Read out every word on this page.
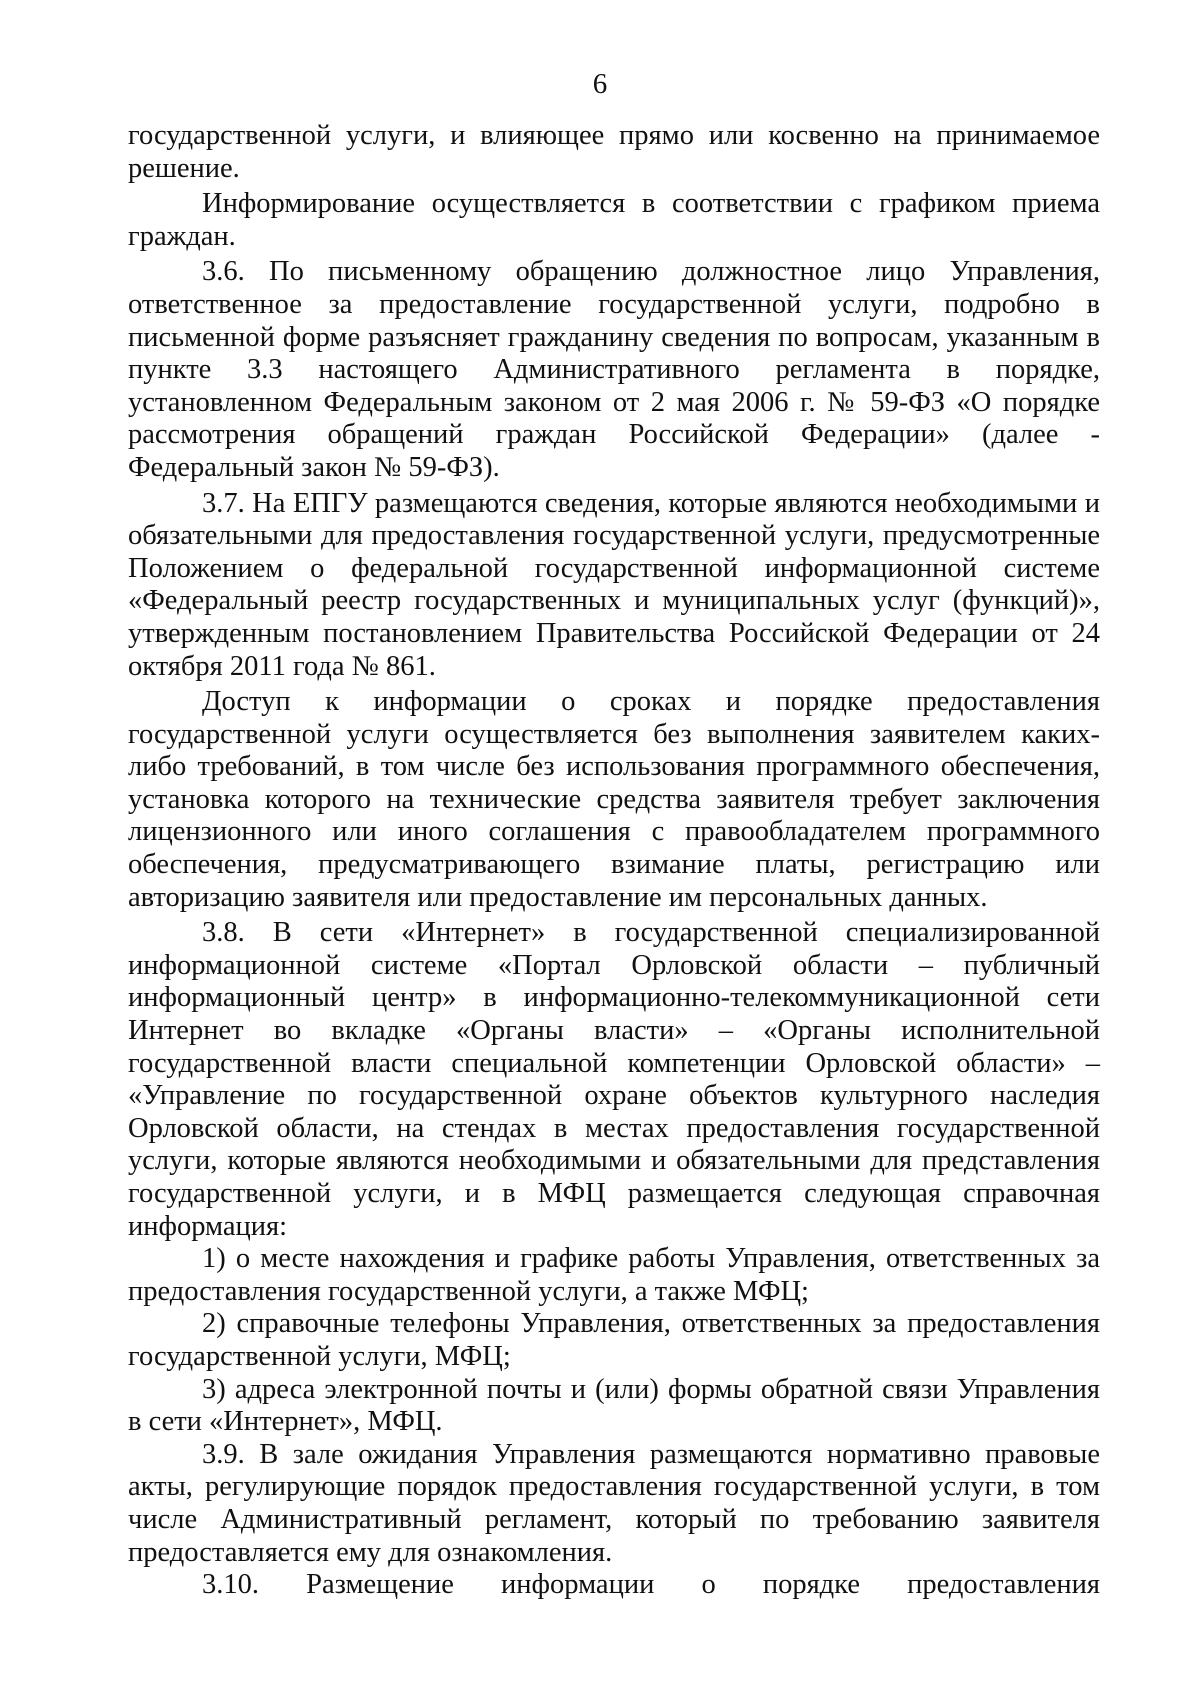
6

государственной услуги, и влияющее прямо или косвенно на принимаемое решение.

Информирование осуществляется в соответствии с графиком приема граждан.

3.6. По письменному обращению должностное лицо Управления, ответственное за предоставление государственной услуги, подробно в письменной форме разъясняет гражданину сведения по вопросам, указанным в пункте 3.3 настоящего Административного регламента в порядке, установленном Федеральным законом от 2 мая 2006 г. № 59-ФЗ «О порядке рассмотрения обращений граждан Российской Федерации» (далее - Федеральный закон № 59-ФЗ).

3.7. На ЕПГУ размещаются сведения, которые являются необходимыми и обязательными для предоставления государственной услуги, предусмотренные Положением о федеральной государственной информационной системе «Федеральный реестр государственных и муниципальных услуг (функций)», утвержденным постановлением Правительства Российской Федерации от 24 октября 2011 года № 861.

Доступ к информации о сроках и порядке предоставления государственной услуги осуществляется без выполнения заявителем каких-либо требований, в том числе без использования программного обеспечения, установка которого на технические средства заявителя требует заключения лицензионного или иного соглашения с правообладателем программного обеспечения, предусматривающего взимание платы, регистрацию или авторизацию заявителя или предоставление им персональных данных.

3.8. В сети «Интернет» в государственной специализированной информационной системе «Портал Орловской области – публичный информационный центр» в информационно-телекоммуникационной сети Интернет во вкладке «Органы власти» – «Органы исполнительной государственной власти специальной компетенции Орловской области» – «Управление по государственной охране объектов культурного наследия Орловской области, на стендах в местах предоставления государственной услуги, которые являются необходимыми и обязательными для представления государственной услуги, и в МФЦ размещается следующая справочная информация:

1) о месте нахождения и графике работы Управления, ответственных за предоставления государственной услуги, а также МФЦ;

2) справочные телефоны Управления, ответственных за предоставления государственной услуги, МФЦ;

3) адреса электронной почты и (или) формы обратной связи Управления в сети «Интернет», МФЦ.

3.9. В зале ожидания Управления размещаются нормативно правовые акты, регулирующие порядок предоставления государственной услуги, в том числе Административный регламент, который по требованию заявителя предоставляется ему для ознакомления.

3.10. Размещение информации о порядке предоставления
